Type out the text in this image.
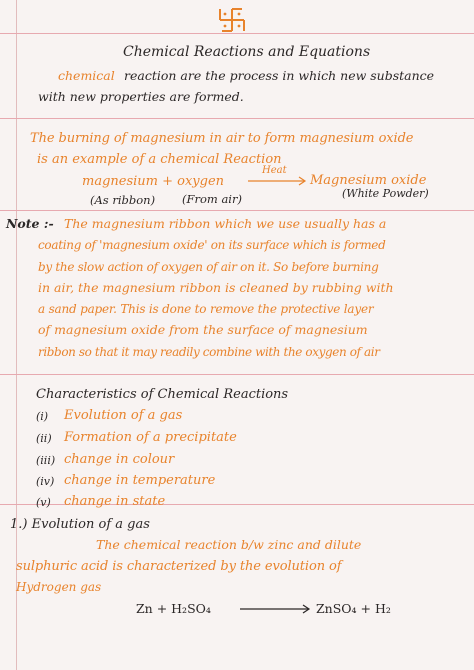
Chemical Reactions and Equations
chemical reaction are the process in which new substance
with new properties are formed.
The burning of magnesium in air to form magnesium oxide
is an example of a chemical Reaction
magnesium + oxygen
Heat
Magnesium oxide
(As ribbon) (From air)	(White Powder)
Note :- The magnesium ribbon which we use usually has a
coating of 'magnesium oxide' on its surface which is formed
by the slow action of oxygen of air on it. So before burning
in air, the magnesium ribbon is cleaned by rubbing with
a sand paper. This is done to remove the protective layer
of magnesium oxide from the surface of magnesium
ribbon so that it may readily combine with the oxygen of air
Characteristics of Chemical Reactions
(i) Evolution of a gas
(ii) Formation of a precipitate
(iii) change in colour
(iv) change in temperature
(v) change in state
1.) Evolution of a gas
The chemical reaction b/w zinc and dilute
sulphuric acid is characterized by the evolution of
Hydrogen gas
Zn + H₂SO₄	ZnSO₄ + H₂
